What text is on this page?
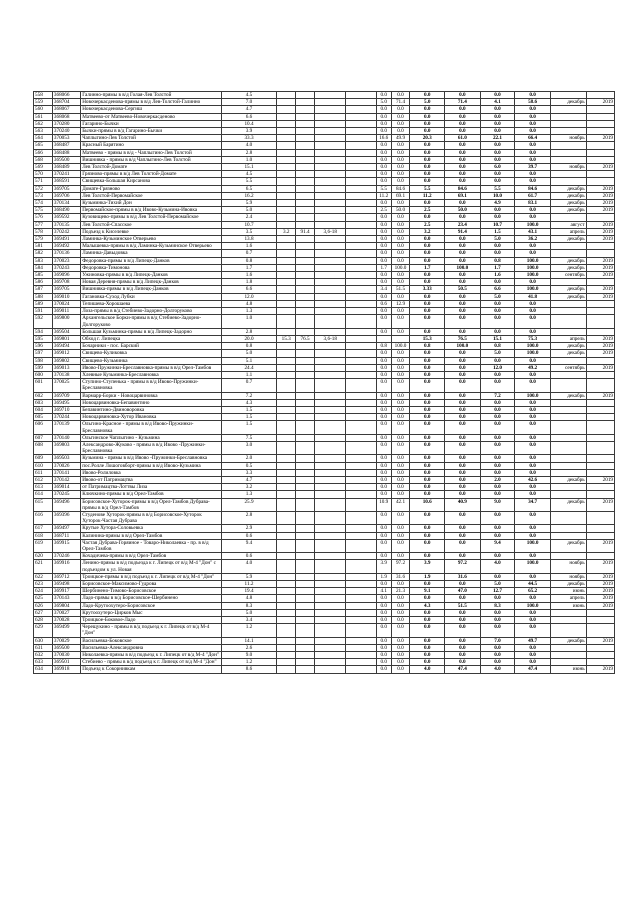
558	368066	Галинно-прямы в в/д Голая-Лев Толстой	4.5					0.0	0.0	0.0	0.0	0.0	0.0		
559	368704	Новочеркасденова-прямы в в/д Лев-Толстой-Галинно	7.0					5.0	71.4	5.0	71.4	4.1	58.6	декабрь	2019
560	368067	Новочеркасденова-Сергиш	4.7					0.0	0.0	0.0	0.0	0.0	0.0		
561	368068	Матвеево-от Матвеево-Новочеркасденово	6.6					0.0	0.0	0.0	0.0	0.0	0.0		
562	370280	Гагарино-Бычки	10.4					0.0	0.0	0.0	0.0	0.0	0.0		
563	370240	Бычки-прямы в в/д Гагарино-Бычки	3.9					0.0	0.0	0.0	0.0	0.0	0.0		
564	370053	Чаплыгино-Лев Толстой	33.3					16.6	49.9	20.3	61.0	22.1	66.4	ноябрь	2019
565	368487	Красный Барятино	4.0					0.0	0.0	0.0	0.0	0.0	0.0		
566	368488	Матвеево - прямы в в/д - Чаплыгино-Лев Толстой	2.8					0.0	0.0	0.0	0.0	0.0	0.0		
568	369500	Вишнивка - прямы в в/д Чаплыгино-Лев Толстой	1.0					0.0	0.0	0.0	0.0	0.0	0.0		
569	368489	Лев Толстой-Домате	15.1					0.0	0.0	0.0	0.0	6.0	39.7	ноябрь	2019
570	370241	Грязново-прямы в в/д Лев Толстой-Домате	4.5					0.0	0.0	0.0	0.0	0.0	0.0		
571	368591	Свищевка-Большая Кирсанова	5.5					0.0	0.0	0.0	0.0	0.0	0.0		
572	369705	Домате-Грязново	6.5					5.5	84.6	5.5	84.6	5.5	84.6	декабрь	2019
573	369706	Лев Толстой-Первомайское	16.2					11.2	69.1	11.2	69.1	10.0	61.7	декабрь	2019
574	370134	Кузьминка-Тихий Дон	5.9					0.0	0.0	0.0	0.0	4.9	83.1	декабрь	2019
575	368490	Первомайское-прямы в в/д Ивово-Кузьмина-Ивовка	5.0					2.5	50.0	2.5	50.0	0.0	0.0	декабрь	2019
576	369592	Кузовищево-прямы в в/д Лев Толстой-Первомайское	2.4					0.0	0.0	0.0	0.0	0.0	0.0		
577	370135	Лев Толстой-Спасское	10.7					0.0	0.0	2.5	23.4	10.7	100.0	август	2019
578	370242	Подъезд к Киселевке	3.5	3.2	91.4	3,6-18		0.0	0.0	3.2	91.4	1.5	43.1	апрель	2019
579	369491	Ламинка-Кузьминское Отверьево	13.8					0.0	0.0	0.0	0.0	5.0	36.2	декабрь	2019
581	369492	Малышевка-прямы в в/д Ламинка-Кузьминское Отверьево	1.6					0.0	0.0	0.0	0.0	0.0	0.0		
582	370136	Ламинка-Давыдовка	0.7					0.0	0.0	0.0	0.0	0.0	0.0		
583	370023	Федоровка-прямы в в/д Липецк-Данков	0.8					0.0	0.0	0.0	0.0	0.8	100.0	декабрь	2019
584	370243	Федоровка-Тимонова	1.7					1.7	100.0	1.7	100.0	1.7	100.0	декабрь	2019
585	369096	Ужиновка-прямы в в/д Липецк-Данков	1.6					0.0	0.0	0.0	0.0	1.6	100.0	сентябрь	2019
586	369708	Новая Деревня-прямы в в/д Липецк-Данков	1.8					0.0	0.0	0.0	0.0	0.0	0.0		
587	369705	Вишнивка-прямы в в/д Липецк-Данков	6.6					3.4	51.5	3.33	50.5	6.6	100.0	декабрь	2019
588	369010	Гагановка-Суход Лубки	12.0					0.0	0.0	0.0	0.0	5.0	41.8	декабрь	2019
589	370024	Тепишева-Хорошаева	4.8					0.6	12.9	0.0	0.0	0.0	0.0		
591	369011	Лоза-прямы в в/д Стебиево-Задорно-Долгоруково	1.3					0.0	0.0	0.0	0.0	0.0	0.0		
592	369800	Архангельское Борки-прямы в в/д Стебиево-Задорно-Долгоруково	1.0					0.0	0.0	0.0	0.0	0.0	0.0		
594	369504	Большая Кузьминка-прямы в в/д Липецк-Задорно	2.8					0.0	0.0	0.0	0.0	0.0	0.0		
595	369801	Обход г. Липецка	20.0	15.3	76.5	3,6-18				15.3	76.5	15.1	75.3	апрель	2019
596	369494	Бочарники - пос. Барский	0.8					0.8	100.0	0.8	100.0	0.8	100.0	декабрь	2019
597	369012	Свищево-Куликовка	5.0					0.0	0.0	0.0	0.0	5.0	100.0	декабрь	2019
598	369802	Свищево-Кузьминка	5.1					0.0	0.0	0.0	0.0	0.0	0.0		
599	369013	Ивово-Пружинки-Бреславновка-прямы в в/д Орел-Тамбов	24.4					0.0	0.0	0.0	0.0	12.0	49.2	сентябрь	2019
600	370138	Хлевные Кузьминка-Бреславновка	1.1					0.0	0.0	0.0	0.0	0.0	0.0		
601	370025	Ступино-Ступенька - прямы в в/д Ивово-Пружинки-Бреславновка	0.7					0.0	0.0	0.0	0.0	0.0	0.0		
602	369709	Вармарр-Борки - Новоцарвиновка	7.2					0.0	0.0	0.0	0.0	7.2	100.0	декабрь	2019
603	369495	Новоцарвиновка-Бепавинтино	4.3					0.0	0.0	0.0	0.0	0.0	0.0		
604	369710	Бепавинтино-Двиноворовка	1.5					0.0	0.0	0.0	0.0	0.0	0.0		
605	370244	Новоцарвиновка-Хутор Ивановка	1.5					0.0	0.0	0.0	0.0	0.0	0.0		
606	370139	Ольгино-Красное - прямы в в/д Ивово-Пружинки-Бреславновка	1.5					0.0	0.0	0.0	0.0	0.0	0.0		
607	370140	Ольгинское Чаплыгино - Кузьмина	7.5					0.0	0.0	0.0	0.0	0.0	0.0		
608	369803	Александрово-Жуково - прямы в в/д Ивово -Пружинки-Бреславновка	3.0					0.0	0.0	0.0	0.0	0.0	0.0		
609	369503	Кузьмина - прямы в в/д Ивово -Пружинки-Бреславновка	2.0					0.0	0.0	0.0	0.0	0.0	0.0		
610	370026	пос.Ролле Лошоговборт-прямы в в/д Ивово-Кузьмина	0.5					0.0	0.0	0.0	0.0	0.0	0.0		
611	370141	Ивово-Ролиловка	3.3					0.0	0.0	0.0	0.0	0.0	0.0		
612	370142	Ивово-от Патримацтва	4.7					0.0	0.0	0.0	0.0	2.0	42.6	декабрь	2019
613	369014	от Патримацтва-Лоттвы Лиза	3.2					0.0	0.0	0.0	0.0	0.0	0.0		
614	370245	Ключкино-прямы в в/д Орел-Тамбов	1.3					0.0	0.0	0.0	0.0	0.0	0.0		
615	369496	Борисовское-Хуторок-прямы в в/д Орел-Тамбов Дубрава-прямы в в/д Орел-Тамбов	25.9					10.9	42.1	10.6	40.9	9.0	34.7	декабрь	2019
616	369396	Студенове Хуторок-прямы в в/д Борисовское-Хуторок Хуторок-Частая Дубрава	2.8					0.0	0.0	0.0	0.0	0.0	0.0		
617	369497	Крутые Хутора-Соловьевка	2.9					0.0	0.0	0.0	0.0	0.0	0.0		
618	368711	Калинина-прямы в в/д Орел-Тамбов	0.6					0.0	0.0	0.0	0.0	0.0	0.0		
619	369915	Частая Дубрава-Горяиное - Товаро-Николаевка - пр. в в/д Орел-Тамбов	9.4					0.0	0.0	0.0	0.0	9.4	100.0	декабрь	2019
620	370246	Кочадичева-прямы в в/д Орел-Тамбов	0.6					0.0	0.0	0.0	0.0	0.0	0.0		
621	369916	Ленино-прямы в в/д подъезда к г. Липецк от в/д М-4 "Дон" с подъездом к ул. Новая	4.0					3.9	97.2	3.9	97.2	4.0	100.0	ноябрь	2019
622	369712	Троицкое-прямы в в/д подъезд к г. Липецк от в/д М-4 "Дон"	5.9					1.9	31.6	1.9	31.6	0.0	0.0	ноябрь	2019
623	369498	Борисовское-Максимово-Гудрова	11.2					0.0	0.0	0.0	0.0	5.0	44.5	декабрь	2019
624	369917	Шербинено-Тимово-Борисовское	19.4					4.1	21.3	9.1	47.0	12.7	65.2	июнь	2019
625	370143	Ладо-прямы в в/д Борисовское-Шербинено	4.8					0.0	0.0	0.0	0.0	0.0	0.0	апрель	2019
626	369804	Ладо-Крутоохутеро-Борисовское	8.3					0.0	0.0	4.3	51.5	8.3	100.0	июнь	2019
627	370027	Крутоохутеро-Цирков Мыс	5.0					0.0	0.0	0.0	0.0	0.0	0.0		
628	370028	Троицкое-Боковое-Ладо	3.4					0.0	0.0	0.0	0.0	0.0	0.0		
629	369499	Черещукино - прямы в в/д подъезд к г. Липецк от в/д М-4 "Дон"	1.2					0.0	0.0	0.0	0.0	0.0	0.0		
630	370029	Васильевка-Боковское	14.1					0.0	0.0	0.0	0.0	7.0	49.7	декабрь	2019
631	369500	Васильевка-Александровна	2.6					0.0	0.0	0.0	0.0	0.0	0.0		
632	370030	Николаевка-прямы в в/д подъезд к г. Липецк от в/д М-4 "Дон"	9.0					0.0	0.0	0.0	0.0	0.0	0.0		
633	369501	Стебиево - прямы в в/д подъезд к г. Липецк от в/д М-4 "Дон"	1.2					0.0	0.0	0.0	0.0	0.0	0.0		
634	369918	Подъезд к Сокорнивкам	8.6					0.0	0.0	4.0	47.4	4.0	47.4	июнь	2019
